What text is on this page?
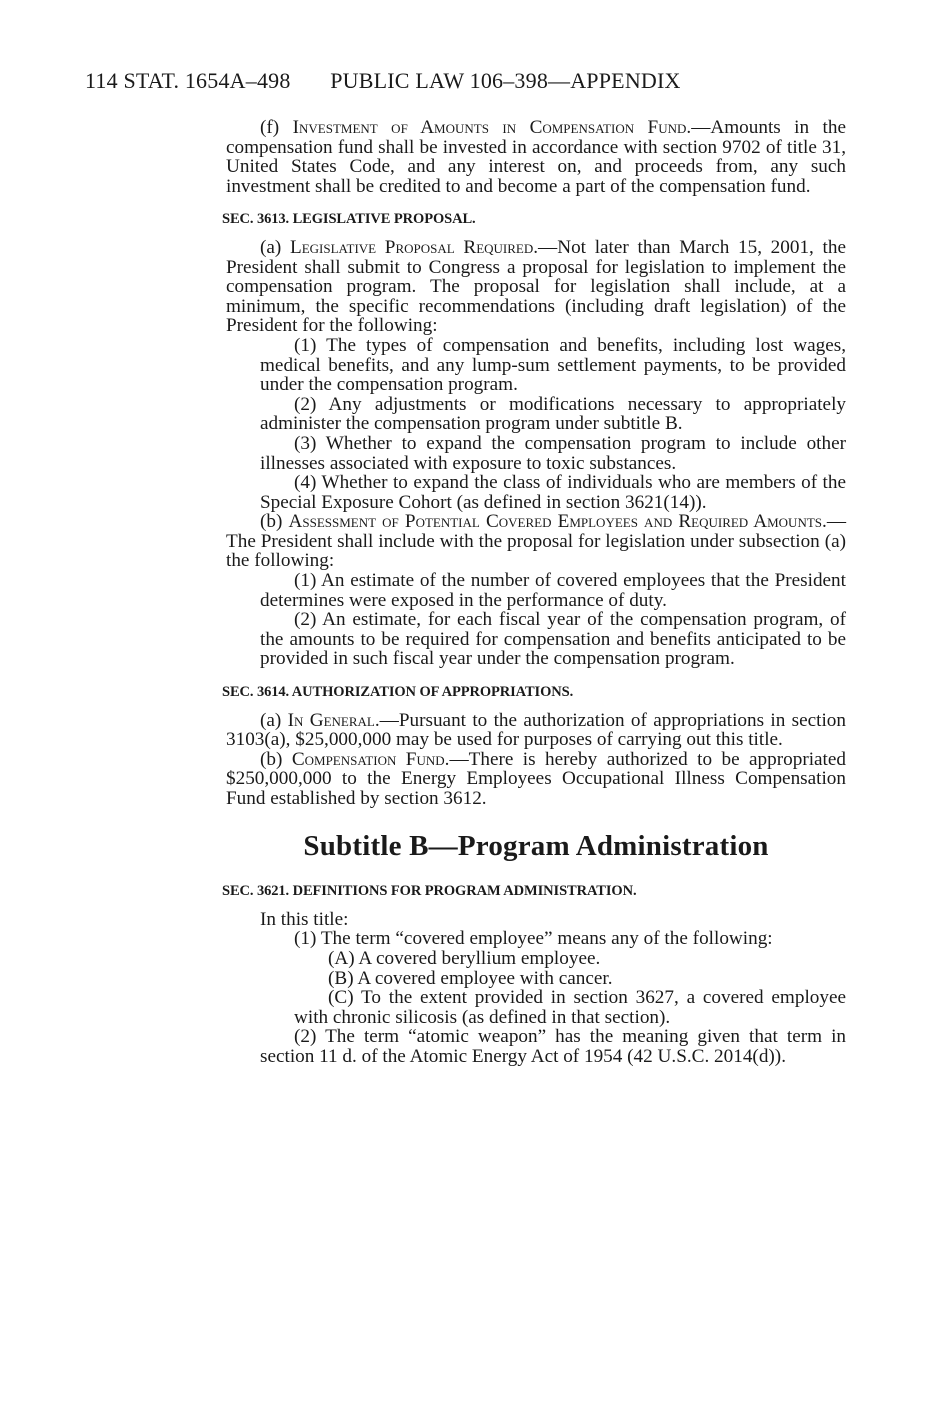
114 STAT. 1654A–498 PUBLIC LAW 106–398—APPENDIX

(f) Investment of Amounts in Compensation Fund.—Amounts in the compensation fund shall be invested in accordance with section 9702 of title 31, United States Code, and any interest on, and proceeds from, any such investment shall be credited to and become a part of the compensation fund.

SEC. 3613. LEGISLATIVE PROPOSAL.

(a) Legislative Proposal Required.—Not later than March 15, 2001, the President shall submit to Congress a proposal for legislation to implement the compensation program. The proposal for legislation shall include, at a minimum, the specific recommendations (including draft legislation) of the President for the following:

(1) The types of compensation and benefits, including lost wages, medical benefits, and any lump-sum settlement payments, to be provided under the compensation program.

(2) Any adjustments or modifications necessary to appropriately administer the compensation program under subtitle B.

(3) Whether to expand the compensation program to include other illnesses associated with exposure to toxic substances.

(4) Whether to expand the class of individuals who are members of the Special Exposure Cohort (as defined in section 3621(14)).

(b) Assessment of Potential Covered Employees and Required Amounts.—The President shall include with the proposal for legislation under subsection (a) the following:

(1) An estimate of the number of covered employees that the President determines were exposed in the performance of duty.

(2) An estimate, for each fiscal year of the compensation program, of the amounts to be required for compensation and benefits anticipated to be provided in such fiscal year under the compensation program.

SEC. 3614. AUTHORIZATION OF APPROPRIATIONS.

(a) In General.—Pursuant to the authorization of appropriations in section 3103(a), $25,000,000 may be used for purposes of carrying out this title.

(b) Compensation Fund.—There is hereby authorized to be appropriated $250,000,000 to the Energy Employees Occupational Illness Compensation Fund established by section 3612.

Subtitle B—Program Administration
SEC. 3621. DEFINITIONS FOR PROGRAM ADMINISTRATION.

In this title:

(1) The term “covered employee” means any of the following:

(A) A covered beryllium employee.

(B) A covered employee with cancer.

(C) To the extent provided in section 3627, a covered employee with chronic silicosis (as defined in that section).

(2) The term “atomic weapon” has the meaning given that term in section 11 d. of the Atomic Energy Act of 1954 (42 U.S.C. 2014(d)).
